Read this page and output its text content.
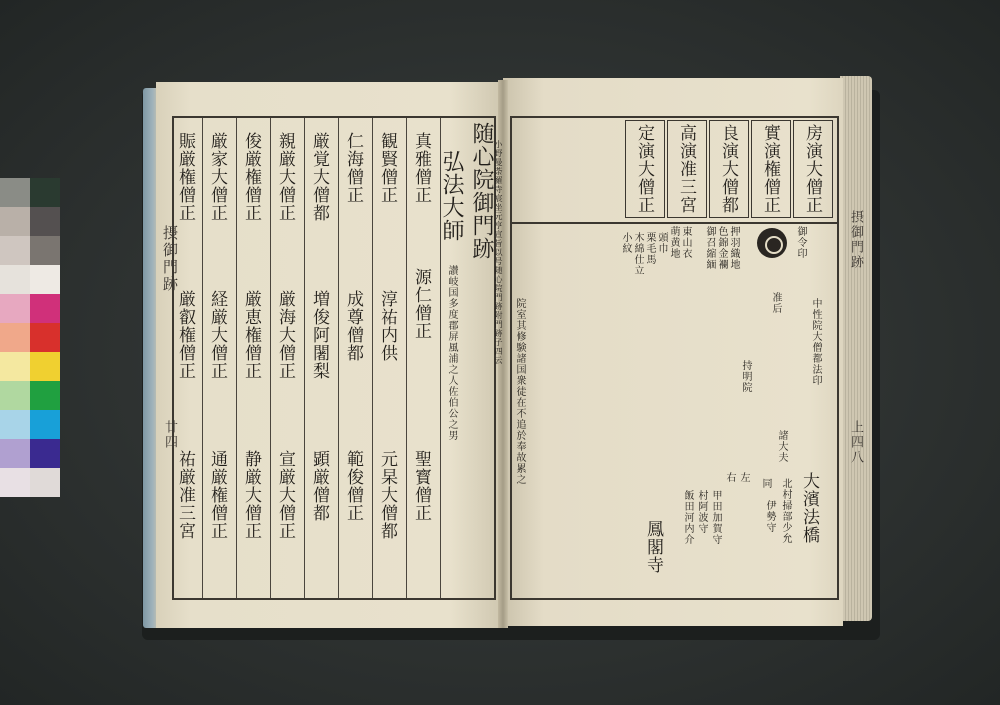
随心院御門跡 小野曼荼羅寺宸坐元亨宣旨以号随心院門跡附門跡子四云
弘法大師
讃岐国多度郡屏風浦之人佐伯公之男
真雅僧正
源仁僧正
聖寳僧正
観賢僧正
淳祐内供
元杲大僧都
仁海僧正
成尊僧都
範俊僧正
厳覚大僧都
増俊阿闍梨
顕厳僧都
親厳大僧正
厳海大僧正
宣厳大僧正
俊厳権僧正
厳恵権僧正
静厳大僧正
厳家大僧正
経厳大僧正
通厳権僧正
賑厳権僧正
厳叡権僧正
祐厳准三宮
摂御門跡
廿四
房演大僧正
實演権僧正
良演大僧都
高演准三宮
定演大僧正
御令印
押羽織地
色錦金襴
御召縮緬
東山衣
萌黄地
頭巾
栗毛馬
木綿仕立
小紋
准后	中性院大僧都法印
大濱法橋
諸大夫
同 北村掃部少允
伊勢守
左
右
甲田加賀守
村阿波守
飯田河内介
持明院
鳳閣寺
院室其修験諸国衆徒在不追於奉故累之
摂御門跡
上四八
